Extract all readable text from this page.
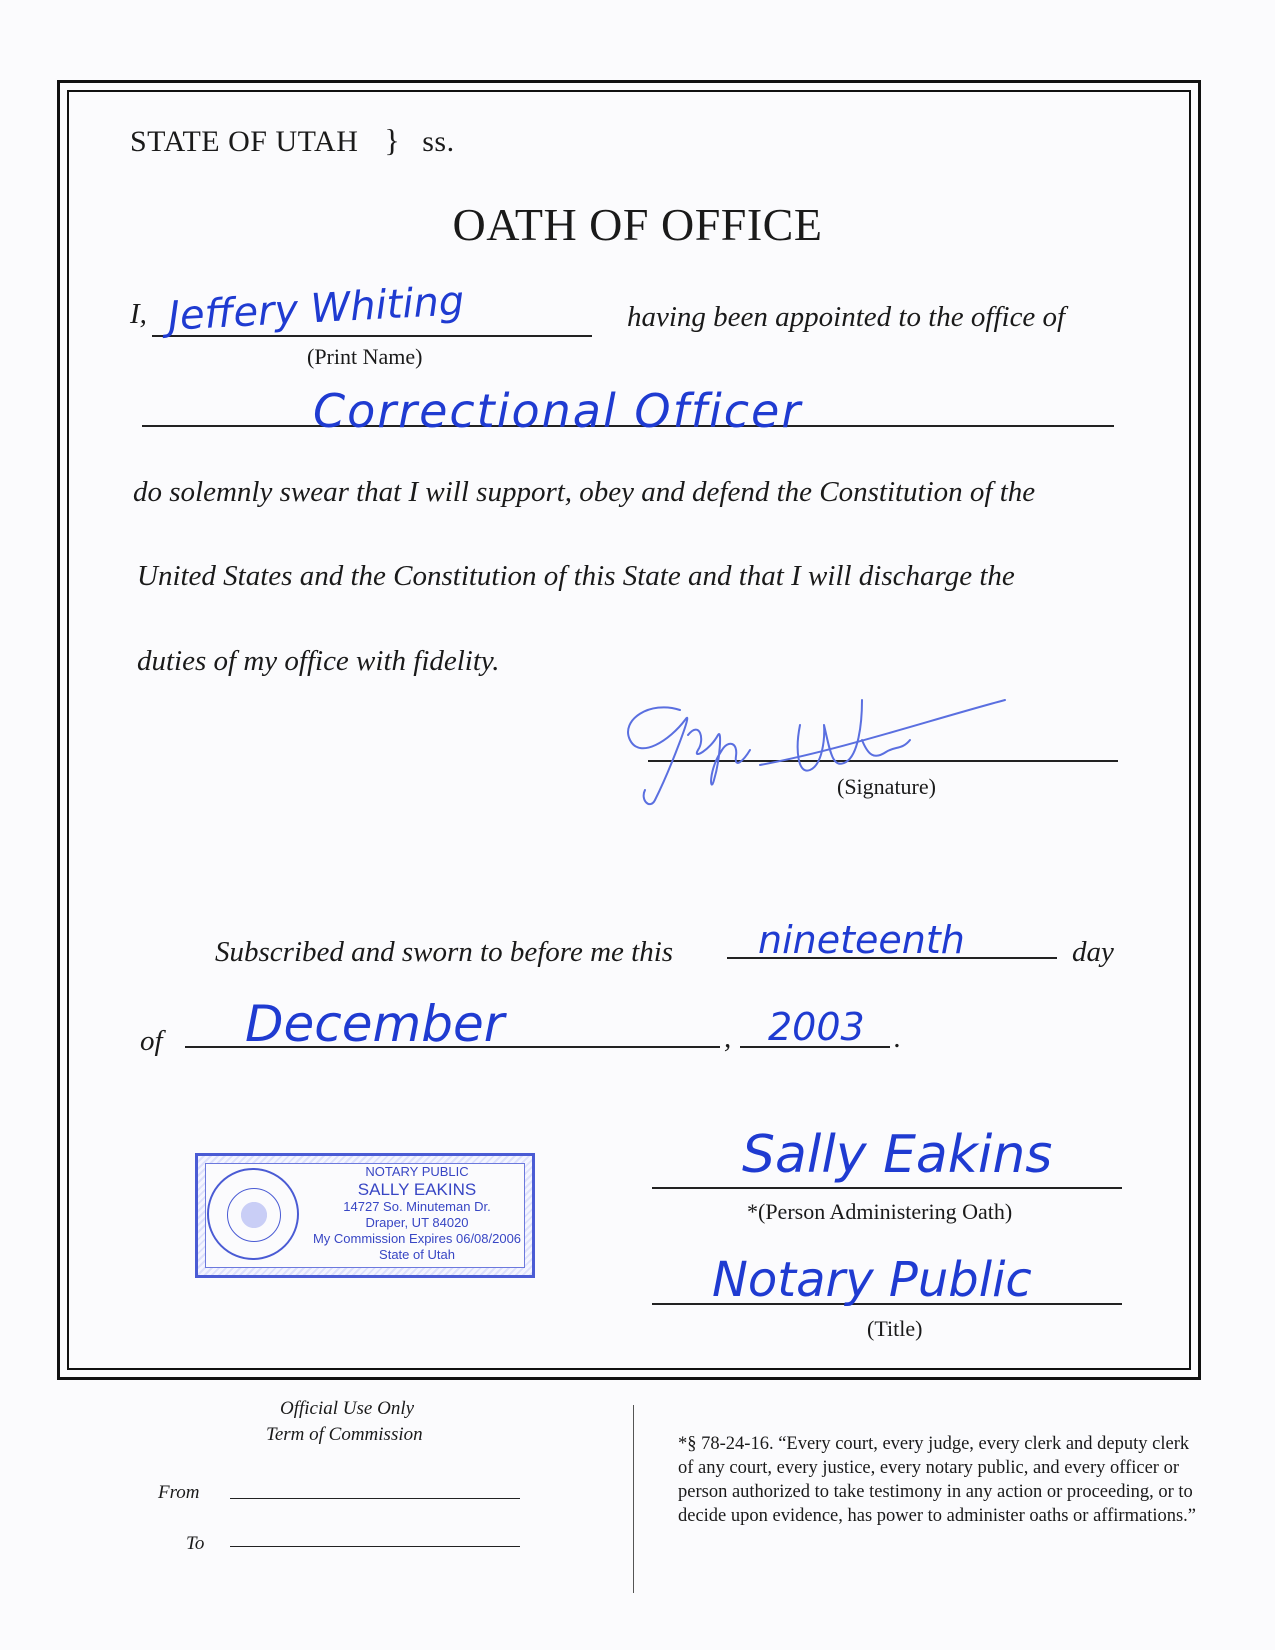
STATE OF UTAH } ss.
OATH OF OFFICE
I, Jeffery Whiting
(Print Name)
having been appointed to the office of
Correctional Officer
do solemnly swear that I will support, obey and defend the Constitution of the
United States and the Constitution of this State and that I will discharge the
duties of my office with fidelity.
(Signature)
Subscribed and sworn to before me this nineteenth	day
of December	, 2003 .
NOTARY PUBLIC
SALLY EAKINS
14727 So. Minuteman Dr.
Draper, UT 84020
My Commission Expires 06/08/2006
State of Utah
Sally Eakins
*(Person Administering Oath)
Notary Public
(Title)
Official Use Only
Term of Commission
From
To
*§ 78-24-16. “Every court, every judge, every clerk and deputy clerk of any court, every justice, every notary public, and every officer or person authorized to take testimony in any action or proceeding, or to decide upon evidence, has power to administer oaths or affirmations.”
